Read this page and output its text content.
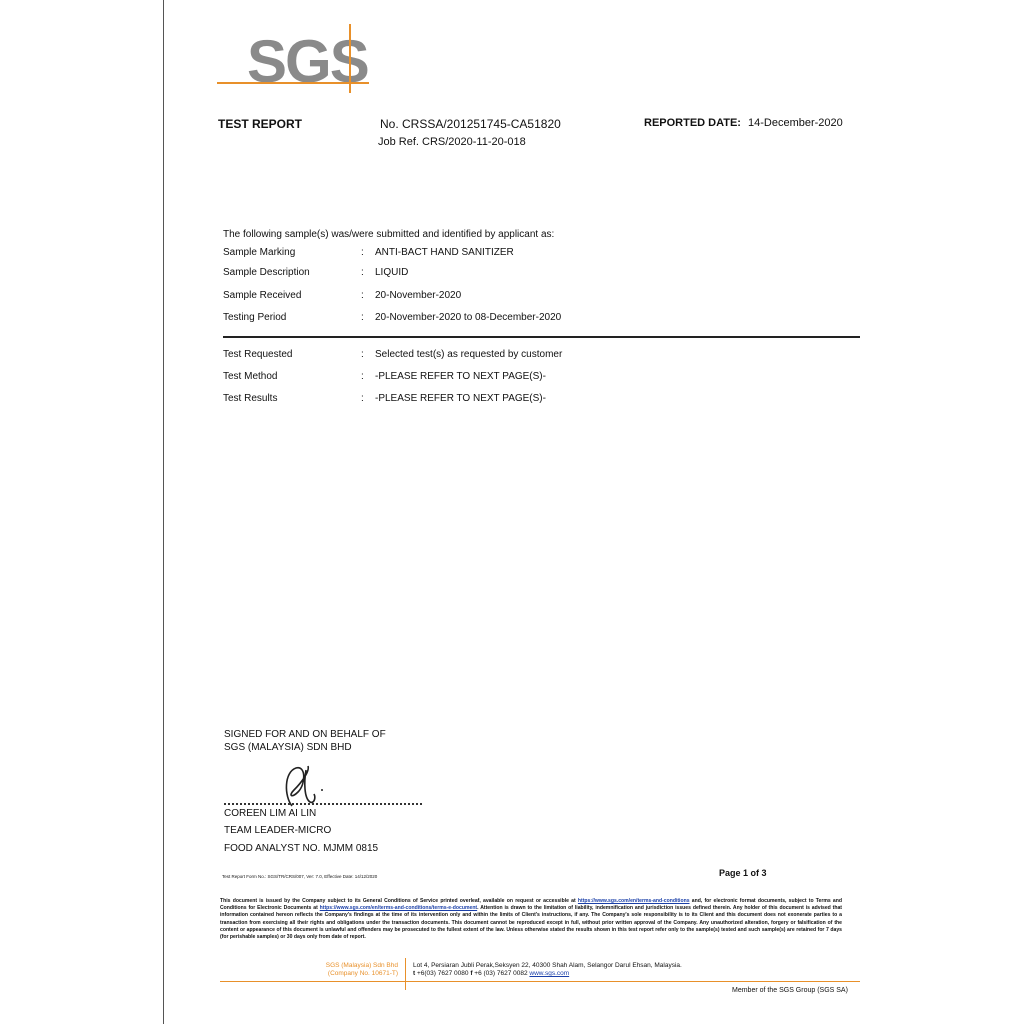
SGS
TEST REPORT	No. CRSSA/201251745-CA51820
Job Ref. CRS/2020-11-20-018
REPORTED DATE: 14-December-2020
The following sample(s) was/were submitted and identified by applicant as:
Sample Marking	: ANTI-BACT HAND SANITIZER
Sample Description	: LIQUID
Sample Received	: 20-November-2020
Testing Period	: 20-November-2020 to 08-December-2020
Test Requested	: Selected test(s) as requested by customer
Test Method	: -PLEASE REFER TO NEXT PAGE(S)-
Test Results	: -PLEASE REFER TO NEXT PAGE(S)-
SIGNED FOR AND ON BEHALF OF
SGS (MALAYSIA) SDN BHD
COREEN LIM AI LIN
TEAM LEADER-MICRO
FOOD ANALYST NO. MJMM 0815
Test Report Form No.: SGS/TR/CRS/007, Ver: 7.0, Effective Date: 14/12/2020	Page 1 of 3
This document is issued by the Company subject to its General Conditions of Service printed overleaf, available on request or accessible at https://www.sgs.com/en/terms-and-conditions and, for electronic format documents, subject to Terms and Conditions for Electronic Documents at https://www.sgs.com/en/terms-and-conditions/terms-e-document. Attention is drawn to the limitation of liability, indemnification and jurisdiction issues defined therein. Any holder of this document is advised that information contained hereon reflects the Company's findings at the time of its intervention only and within the limits of Client's instructions, if any. The Company's sole responsibility is to its Client and this document does not exonerate parties to a transaction from exercising all their rights and obligations under the transaction documents. This document cannot be reproduced except in full, without prior written approval of the Company. Any unauthorized alteration, forgery or falsification of the content or appearance of this document is unlawful and offenders may be prosecuted to the fullest extent of the law. Unless otherwise stated the results shown in this test report refer only to the sample(s) tested and such sample(s) are retained for 7 days (for perishable samples) or 30 days only from date of report.
SGS (Malaysia) Sdn Bhd
(Company No. 10671-T)
Lot 4, Persiaran Jubli Perak,Seksyen 22, 40300 Shah Alam, Selangor Darul Ehsan, Malaysia.
t +6(03) 7627 0080 f +6 (03) 7627 0082 www.sgs.com
Member of the SGS Group (SGS SA)
